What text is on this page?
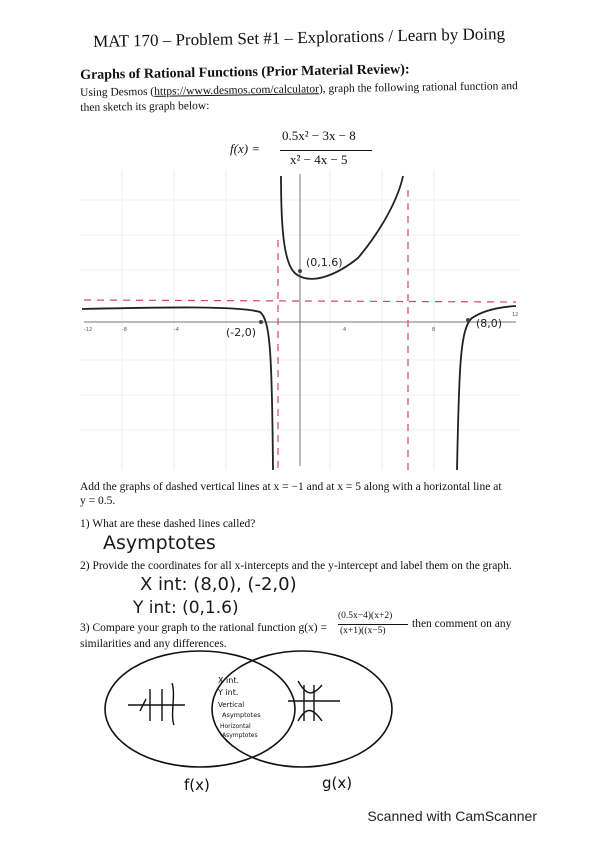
MAT 170 – Problem Set #1 – Explorations / Learn by Doing
Graphs of Rational Functions (Prior Material Review):
Using Desmos (https://www.desmos.com/calculator), graph the following rational function and then sketch its graph below:
f(x) =
0.5x² − 3x − 8
x² − 4x − 5
-12	-8	-4	4	8
12
(-2,0)
(0,1.6)
(8,0)
Add the graphs of dashed vertical lines at x = −1 and at x = 5 along with a horizontal line at y = 0.5.
1) What are these dashed lines called?
Asymptotes
2) Provide the coordinates for all x-intercepts and the y-intercept and label them on the graph.
X int: (8,0), (-2,0)
Y int: (0,1.6)
3) Compare your graph to the rational function g(x) =
(0.5x−4)(x+2)
(x+1)((x−5)
then comment on any
similarities and any differences.
X int.
Y int.
Vertical
Asymptotes
Horizontal
Asymptotes
f(x)	g(x)
Scanned with CamScanner
